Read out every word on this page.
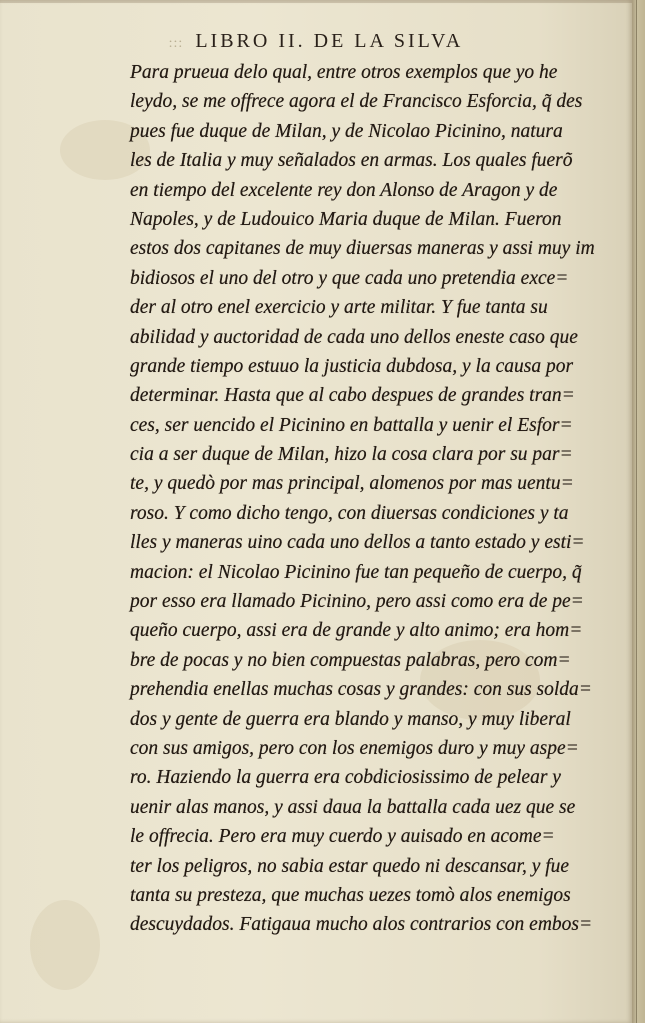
::: LIBRO II. DE LA SILVA
Para prueua delo qual, entre otros exemplos que yo he
leydo, se me offrece agora el de Francisco Esforcia, q̃ des
pues fue duque de Milan, y de Nicolao Picinino, natura
les de Italia y muy señalados en armas. Los quales fuerõ
en tiempo del excelente rey don Alonso de Aragon y de
Napoles, y de Ludouico Maria duque de Milan. Fueron
estos dos capitanes de muy diuersas maneras y assi muy im
bidiosos el uno del otro y que cada uno pretendia exce=
der al otro enel exercicio y arte militar. Y fue tanta su
abilidad y auctoridad de cada uno dellos eneste caso que
grande tiempo estuuo la justicia dubdosa, y la causa por
determinar. Hasta que al cabo despues de grandes tran=
ces, ser uencido el Picinino en battalla y uenir el Esfor=
cia a ser duque de Milan, hizo la cosa clara por su par=
te, y quedò por mas principal, alomenos por mas uentu=
roso. Y como dicho tengo, con diuersas condiciones y ta
lles y maneras uino cada uno dellos a tanto estado y esti=
macion: el Nicolao Picinino fue tan pequeño de cuerpo, q̃
por esso era llamado Picinino, pero assi como era de pe=
queño cuerpo, assi era de grande y alto animo; era hom=
bre de pocas y no bien compuestas palabras, pero com=
prehendia enellas muchas cosas y grandes: con sus solda=
dos y gente de guerra era blando y manso, y muy liberal
con sus amigos, pero con los enemigos duro y muy aspe=
ro. Haziendo la guerra era cobdiciosissimo de pelear y
uenir alas manos, y assi daua la battalla cada uez que se
le offrecia. Pero era muy cuerdo y auisado en acome=
ter los peligros, no sabia estar quedo ni descansar, y fue
tanta su presteza, que muchas uezes tomò alos enemigos
descuydados. Fatigaua mucho alos contrarios con embos=
